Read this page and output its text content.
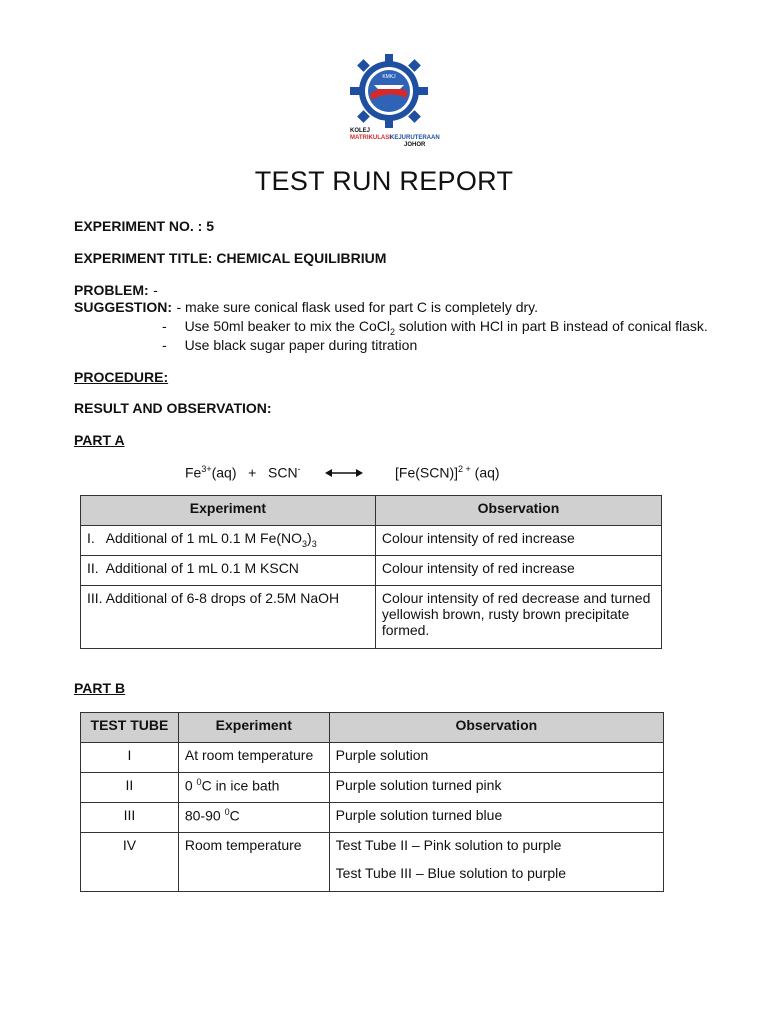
KMKJ
KOLEJ
MATRIKULASI KEJURUTERAAN
JOHOR
TEST RUN REPORT
EXPERIMENT NO. : 5
EXPERIMENT TITLE: CHEMICAL EQUILIBRIUM
PROBLEM: -
SUGGESTION: - make sure conical flask used for part C is completely dry.
- Use 50ml beaker to mix the CoCl$_2$ solution with HCl in part B instead of conical flask.
- Use black sugar paper during titration
PROCEDURE:
RESULT AND OBSERVATION:
PART A
$Fe^{3+}(aq) + SCN^-$	$[Fe(SCN)]^{2 +}$ (aq)
Experiment	Observation
I.   Additional of 1 mL 0.1 M $Fe(NO_3)_3$	Colour intensity of red increase
II.  Additional of 1 mL 0.1 M KSCN	Colour intensity of red increase
III. Additional of 6-8 drops of 2.5M NaOH	Colour intensity of red decrease and turned yellowish brown, rusty brown precipitate formed.
PART B
TEST TUBE	Experiment	Observation
I	At room temperature	Purple solution
II	0 $^0$C in ice bath	Purple solution turned pink
III	80-90 $^0$C	Purple solution turned blue
IV	Room temperature	Test Tube II – Pink solution to purple
Test Tube III – Blue solution to purple
